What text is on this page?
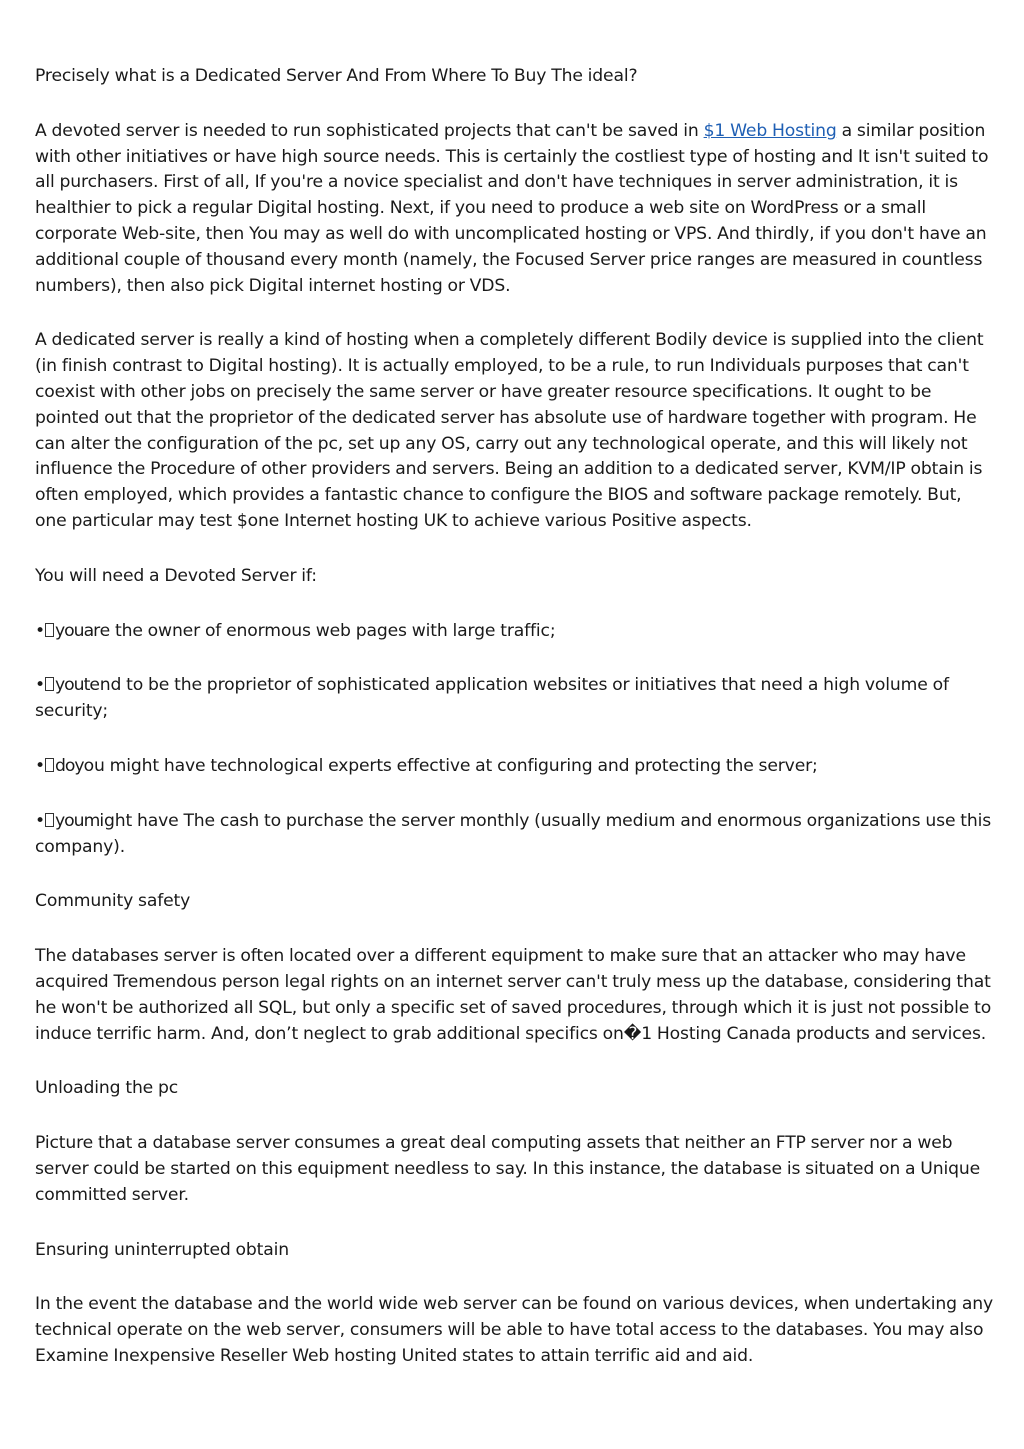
Precisely what is a Dedicated Server And From Where To Buy The ideal?

A devoted server is needed to run sophisticated projects that can't be saved in $1 Web Hosting a similar position with other initiatives or have high source needs. This is certainly the costliest type of hosting and It isn't suited to all purchasers. First of all, If you're a novice specialist and don't have techniques in server administration, it is healthier to pick a regular Digital hosting. Next, if you need to produce a web site on WordPress or a small corporate Web-site, then You may as well do with uncomplicated hosting or VPS. And thirdly, if you don't have an additional couple of thousand every month (namely, the Focused Server price ranges are measured in countless numbers), then also pick Digital internet hosting or VDS.

A dedicated server is really a kind of hosting when a completely different Bodily device is supplied into the client (in finish contrast to Digital hosting). It is actually employed, to be a rule, to run Individuals purposes that can't coexist with other jobs on precisely the same server or have greater resource specifications. It ought to be pointed out that the proprietor of the dedicated server has absolute use of hardware together with program. He can alter the configuration of the pc, set up any OS, carry out any technological operate, and this will likely not influence the Procedure of other providers and servers. Being an addition to a dedicated server, KVM/IP obtain is often employed, which provides a fantastic chance to configure the BIOS and software package remotely. But, one particular may test $one Internet hosting UK to achieve various Positive aspects.

You will need a Devoted Server if:

• youare the owner of enormous web pages with large traffic;

• youtend to be the proprietor of sophisticated application websites or initiatives that need a high volume of security;

• doyou might have technological experts effective at configuring and protecting the server;

• youmight have The cash to purchase the server monthly (usually medium and enormous organizations use this company).

Community safety

The databases server is often located over a different equipment to make sure that an attacker who may have acquired Tremendous person legal rights on an internet server can't truly mess up the database, considering that he won't be authorized all SQL, but only a specific set of saved procedures, through which it is just not possible to induce terrific harm. And, don’t neglect to grab additional specifics on�1 Hosting Canada products and services.

Unloading the pc

Picture that a database server consumes a great deal computing assets that neither an FTP server nor a web server could be started on this equipment needless to say. In this instance, the database is situated on a Unique committed server.

Ensuring uninterrupted obtain

In the event the database and the world wide web server can be found on various devices, when undertaking any technical operate on the web server, consumers will be able to have total access to the databases. You may also Examine Inexpensive Reseller Web hosting United states to attain terrific aid and aid.
